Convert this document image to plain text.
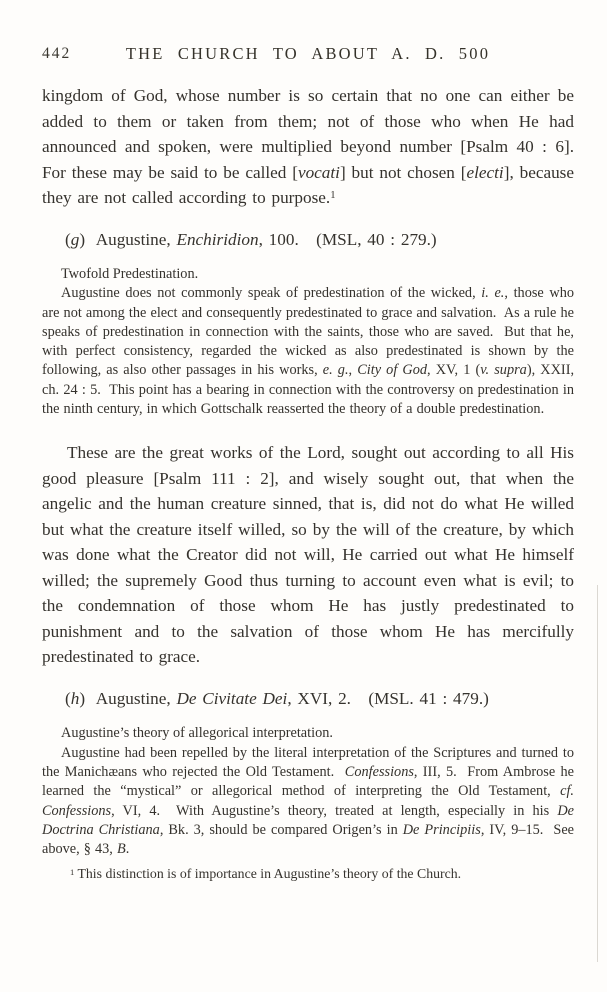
442	THE CHURCH TO ABOUT A. D. 500

kingdom of God, whose number is so certain that no one can either be added to them or taken from them; not of those who when He had announced and spoken, were multiplied beyond number [Psalm 40 : 6].  For these may be said to be called [vocati] but not chosen [electi], because they are not called according to purpose.$^1$

(g)  Augustine, Enchiridion, 100.   (MSL, 40 : 279.)

Twofold Predestination.

Augustine does not commonly speak of predestination of the wicked, i. e., those who are not among the elect and consequently predestinated to grace and salvation.  As a rule he speaks of predestination in connection with the saints, those who are saved.  But that he, with perfect consistency, regarded the wicked as also predestinated is shown by the following, as also other passages in his works, e. g., City of God, XV, 1 (v. supra), XXII, ch. 24 : 5.  This point has a bearing in connection with the controversy on predestination in the ninth century, in which Gottschalk reasserted the theory of a double predestination.

These are the great works of the Lord, sought out according to all His good pleasure [Psalm 111 : 2], and wisely sought out, that when the angelic and the human creature sinned, that is, did not do what He willed but what the creature itself willed, so by the will of the creature, by which was done what the Creator did not will, He carried out what He himself willed; the supremely Good thus turning to account even what is evil; to the condemnation of those whom He has justly predestinated to punishment and to the salvation of those whom He has mercifully predestinated to grace.

(h)  Augustine, De Civitate Dei, XVI, 2.   (MSL. 41 : 479.)

Augustine’s theory of allegorical interpretation.

Augustine had been repelled by the literal interpretation of the Scriptures and turned to the Manichæans who rejected the Old Testament.  Confessions, III, 5.  From Ambrose he learned the “mystical” or allegorical method of interpreting the Old Testament, cf. Confessions, VI, 4.  With Augustine’s theory, treated at length, especially in his De Doctrina Christiana, Bk. 3, should be compared Origen’s in De Principiis, IV, 9–15.  See above, § 43, B.

$^1$ This distinction is of importance in Augustine’s theory of the Church.
